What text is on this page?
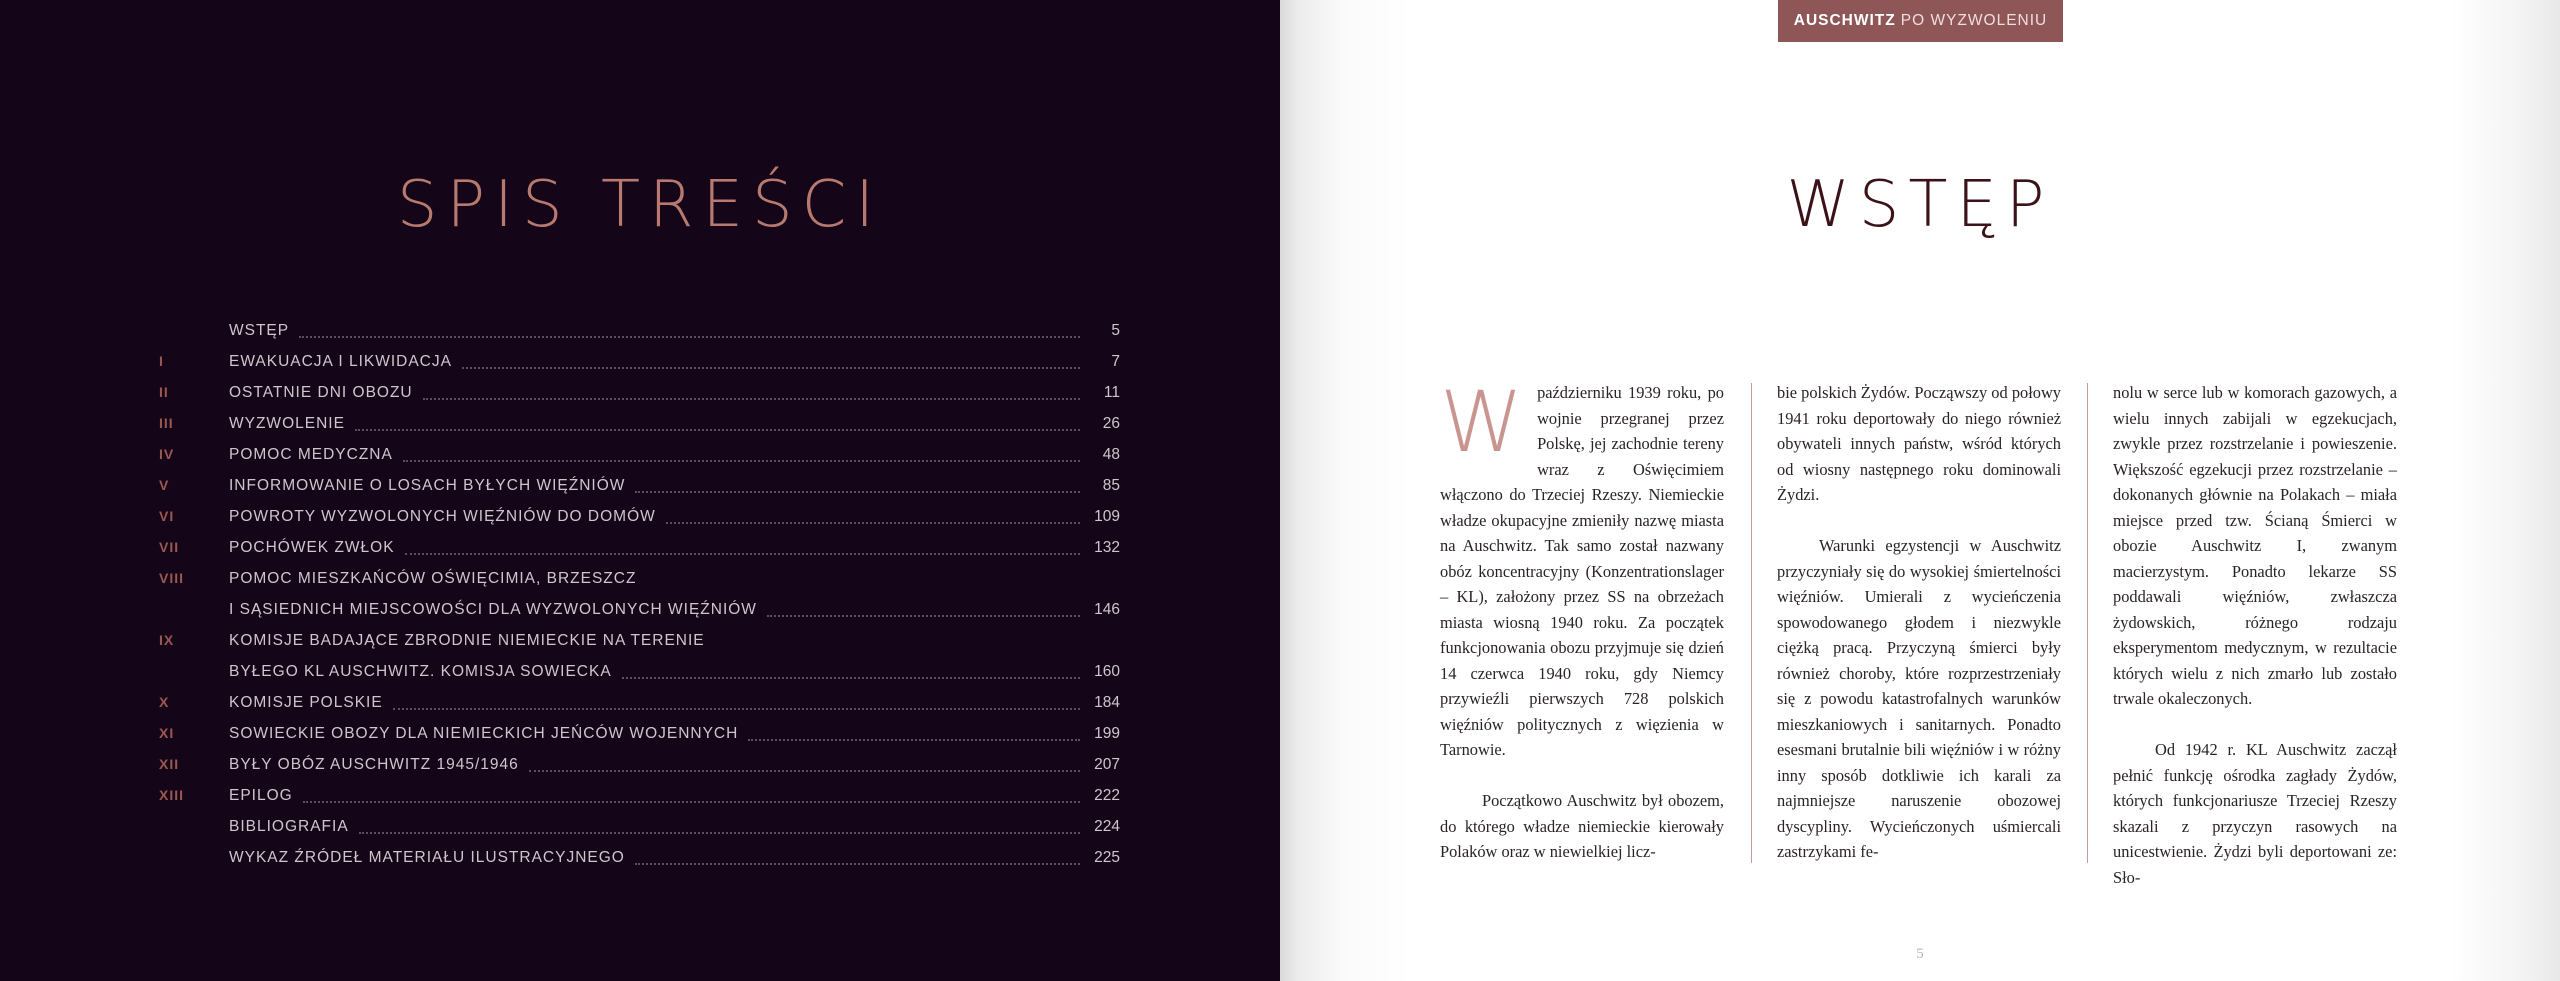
SPIS TREŚCI
WSTĘP	5
I	EWAKUACJA I LIKWIDACJA	7
II	OSTATNIE DNI OBOZU	11
III	WYZWOLENIE	26
IV	POMOC MEDYCZNA	48
V	INFORMOWANIE O LOSACH BYŁYCH WIĘŹNIÓW	85
VI	POWROTY WYZWOLONYCH WIĘŹNIÓW DO DOMÓW	109
VII	POCHÓWEK ZWŁOK	132
VIII	POMOC MIESZKAŃCÓW OŚWIĘCIMIA, BRZESZCZ
I SĄSIEDNICH MIEJSCOWOŚCI DLA WYZWOLONYCH WIĘŹNIÓW	146
IX	KOMISJE BADAJĄCE ZBRODNIE NIEMIECKIE NA TERENIE
BYŁEGO KL AUSCHWITZ. KOMISJA SOWIECKA	160
X	KOMISJE POLSKIE	184
XI	SOWIECKIE OBOZY DLA NIEMIECKICH JEŃCÓW WOJENNYCH	199
XII	BYŁY OBÓZ AUSCHWITZ 1945/1946	207
XIII	EPILOG	222
BIBLIOGRAFIA	224
WYKAZ ŹRÓDEŁ MATERIAŁU ILUSTRACYJNEGO	225
AUSCHWITZ PO WYZWOLENIU
WSTĘP

Wpaździerniku 1939 roku, po wojnie przegranej przez Polskę, jej zachodnie tereny wraz z Oświęcimiem włączono do Trzeciej Rzeszy. Niemieckie władze okupacyjne zmieniły nazwę miasta na Auschwitz. Tak samo został nazwany obóz koncentracyjny (Konzentrationslager – KL), założony przez SS na obrzeżach miasta wiosną 1940 roku. Za początek funkcjonowania obozu przyjmuje się dzień 14 czerwca 1940 roku, gdy Niemcy przywieźli pierwszych 728 polskich więźniów politycznych z więzienia w Tarnowie.

Początkowo Auschwitz był obozem, do którego władze niemieckie kierowały Polaków oraz w niewielkiej licz-

bie polskich Żydów. Począwszy od połowy 1941 roku deportowały do niego również obywateli innych państw, wśród których od wiosny następnego roku dominowali Żydzi.

Warunki egzystencji w Auschwitz przyczyniały się do wysokiej śmiertelności więźniów. Umierali z wycieńczenia spowodowanego głodem i niezwykle ciężką pracą. Przyczyną śmierci były również choroby, które rozprzestrzeniały się z powodu katastrofalnych warunków mieszkaniowych i sanitarnych. Ponadto esesmani brutalnie bili więźniów i w różny inny sposób dotkliwie ich karali za najmniejsze naruszenie obozowej dyscypliny. Wycieńczonych uśmiercali zastrzykami fe-

nolu w serce lub w komorach gazowych, a wielu innych zabijali w egzekucjach, zwykle przez rozstrzelanie i powieszenie. Większość egzekucji przez rozstrzelanie – dokonanych głównie na Polakach – miała miejsce przed tzw. Ścianą Śmierci w obozie Auschwitz I, zwanym macierzystym. Ponadto lekarze SS poddawali więźniów, zwłaszcza żydowskich, różnego rodzaju eksperymentom medycznym, w rezultacie których wielu z nich zmarło lub zostało trwale okaleczonych.

Od 1942 r. KL Auschwitz zaczął pełnić funkcję ośrodka zagłady Żydów, których funkcjonariusze Trzeciej Rzeszy skazali z przyczyn rasowych na unicestwienie. Żydzi byli deportowani ze: Sło-

5
